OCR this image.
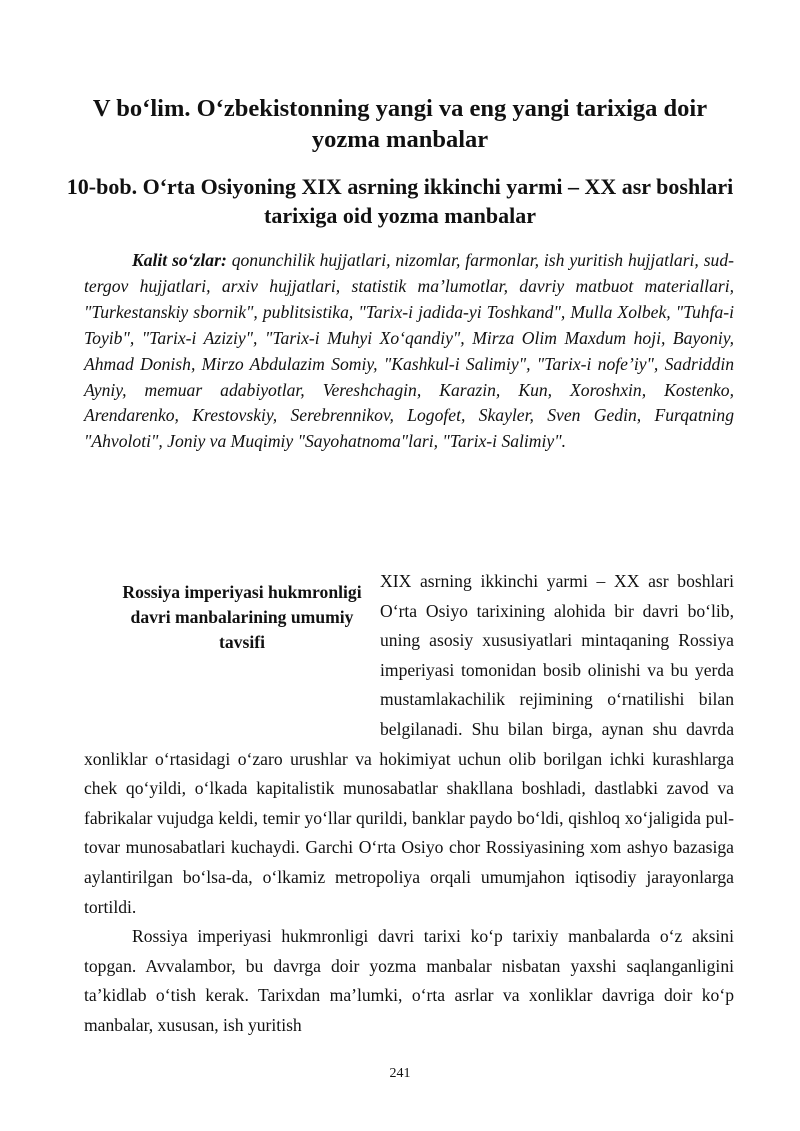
V bo‘lim. O‘zbekistonning yangi va eng yangi tarixiga doir yozma manbalar
10-bob. O‘rta Osiyoning XIX asrning ikkinchi yarmi – XX asr boshlari tarixiga oid yozma manbalar

Kalit so‘zlar: qonunchilik hujjatlari, nizomlar, farmonlar, ish yuritish hujjatlari, sud-tergov hujjatlari, arxiv hujjatlari, statistik ma’lumotlar, davriy matbuot materiallari, "Turkestanskiy sbornik", publitsistika, "Tarix-i jadida-yi Toshkand", Mulla Xolbek, "Tuhfa-i Toyib", "Tarix-i Aziziy", "Tarix-i Muhyi Xo‘qandiy", Mirza Olim Maxdum hoji, Bayoniy, Ahmad Donish, Mirzo Abdulazim Somiy, "Kashkul-i Salimiy", "Tarix-i nofe’iy", Sadriddin Ayniy, memuar adabiyotlar, Vereshchagin, Karazin, Kun, Xoroshxin, Kostenko, Arendarenko, Krestovskiy, Serebrennikov, Logofet, Skayler, Sven Gedin, Furqatning "Ahvoloti", Joniy va Muqimiy "Sayohatnoma"lari, "Tarix-i Salimiy".

Rossiya imperiyasi hukmronligi davri manbalarining umumiy tavsifi

XIX asrning ikkinchi yarmi – XX asr boshlari O‘rta Osiyo tarixining alohida bir davri bo‘lib, uning asosiy xususiyatlari mintaqaning Rossiya imperiyasi tomonidan bosib olinishi va bu yerda mustamlakachilik rejimining o‘rnatilishi bilan belgilanadi. Shu bilan birga, aynan shu davrda xonliklar o‘rtasidagi o‘zaro urushlar va hokimiyat uchun olib borilgan ichki kurashlarga chek qo‘yildi, o‘lkada kapitalistik munosabatlar shakllana boshladi, dastlabki zavod va fabrikalar vujudga keldi, temir yo‘llar qurildi, banklar paydo bo‘ldi, qishloq xo‘jaligida pul-tovar munosabatlari kuchaydi. Garchi O‘rta Osiyo chor Rossiyasining xom ashyo bazasiga aylantirilgan bo‘lsa-da, o‘lkamiz metropoliya orqali umumjahon iqtisodiy jarayonlarga tortildi.

Rossiya imperiyasi hukmronligi davri tarixi ko‘p tarixiy manbalarda o‘z aksini topgan. Avvalambor, bu davrga doir yozma manbalar nisbatan yaxshi saqlanganligini ta’kidlab o‘tish kerak. Tarixdan ma’lumki, o‘rta asrlar va xonliklar davriga doir ko‘p manbalar, xususan, ish yuritish

241
